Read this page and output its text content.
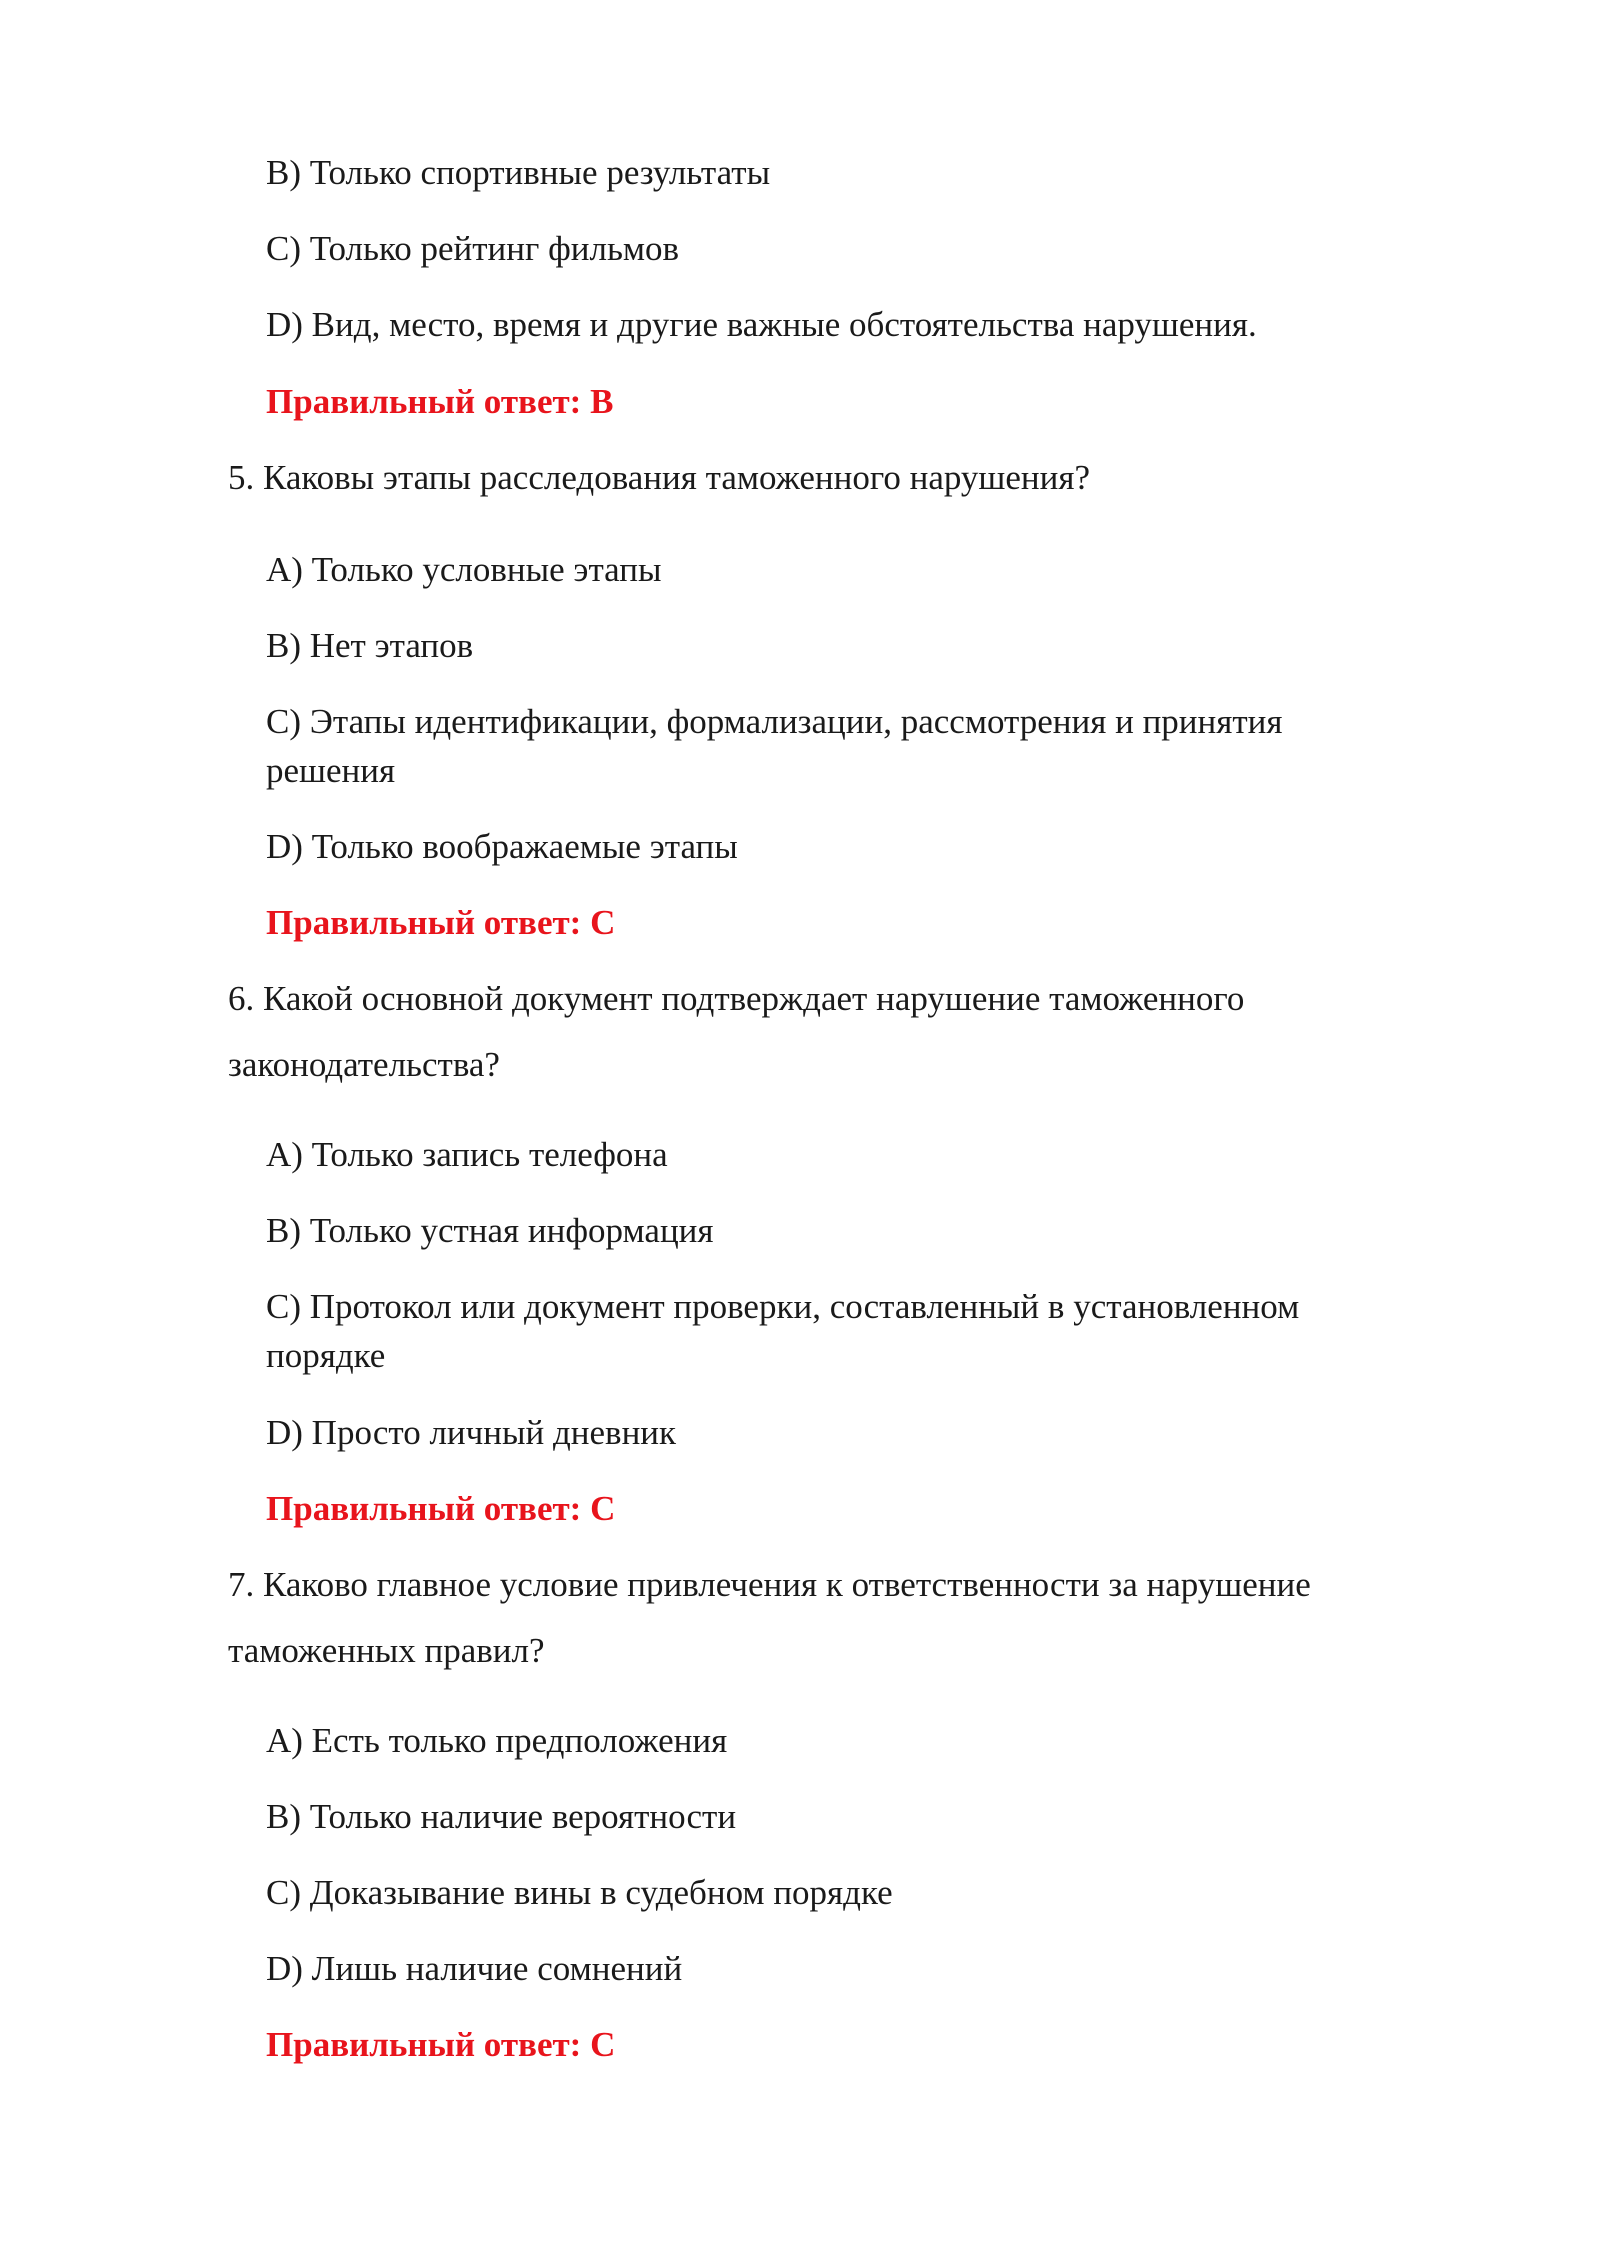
B) Только спортивные результаты
C) Только рейтинг фильмов
D) Вид, место, время и другие важные обстоятельства нарушения.
Правильный ответ: B
5. Каковы этапы расследования таможенного нарушения?
A) Только условные этапы
B) Нет этапов
C) Этапы идентификации, формализации, рассмотрения и принятия
решения
D) Только воображаемые этапы
Правильный ответ: C
6. Какой основной документ подтверждает нарушение таможенного
законодательства?
A) Только запись телефона
B) Только устная информация
C) Протокол или документ проверки, составленный в установленном
порядке
D) Просто личный дневник
Правильный ответ: C
7. Каково главное условие привлечения к ответственности за нарушение
таможенных правил?
A) Есть только предположения
B) Только наличие вероятности
C) Доказывание вины в судебном порядке
D) Лишь наличие сомнений
Правильный ответ: C
